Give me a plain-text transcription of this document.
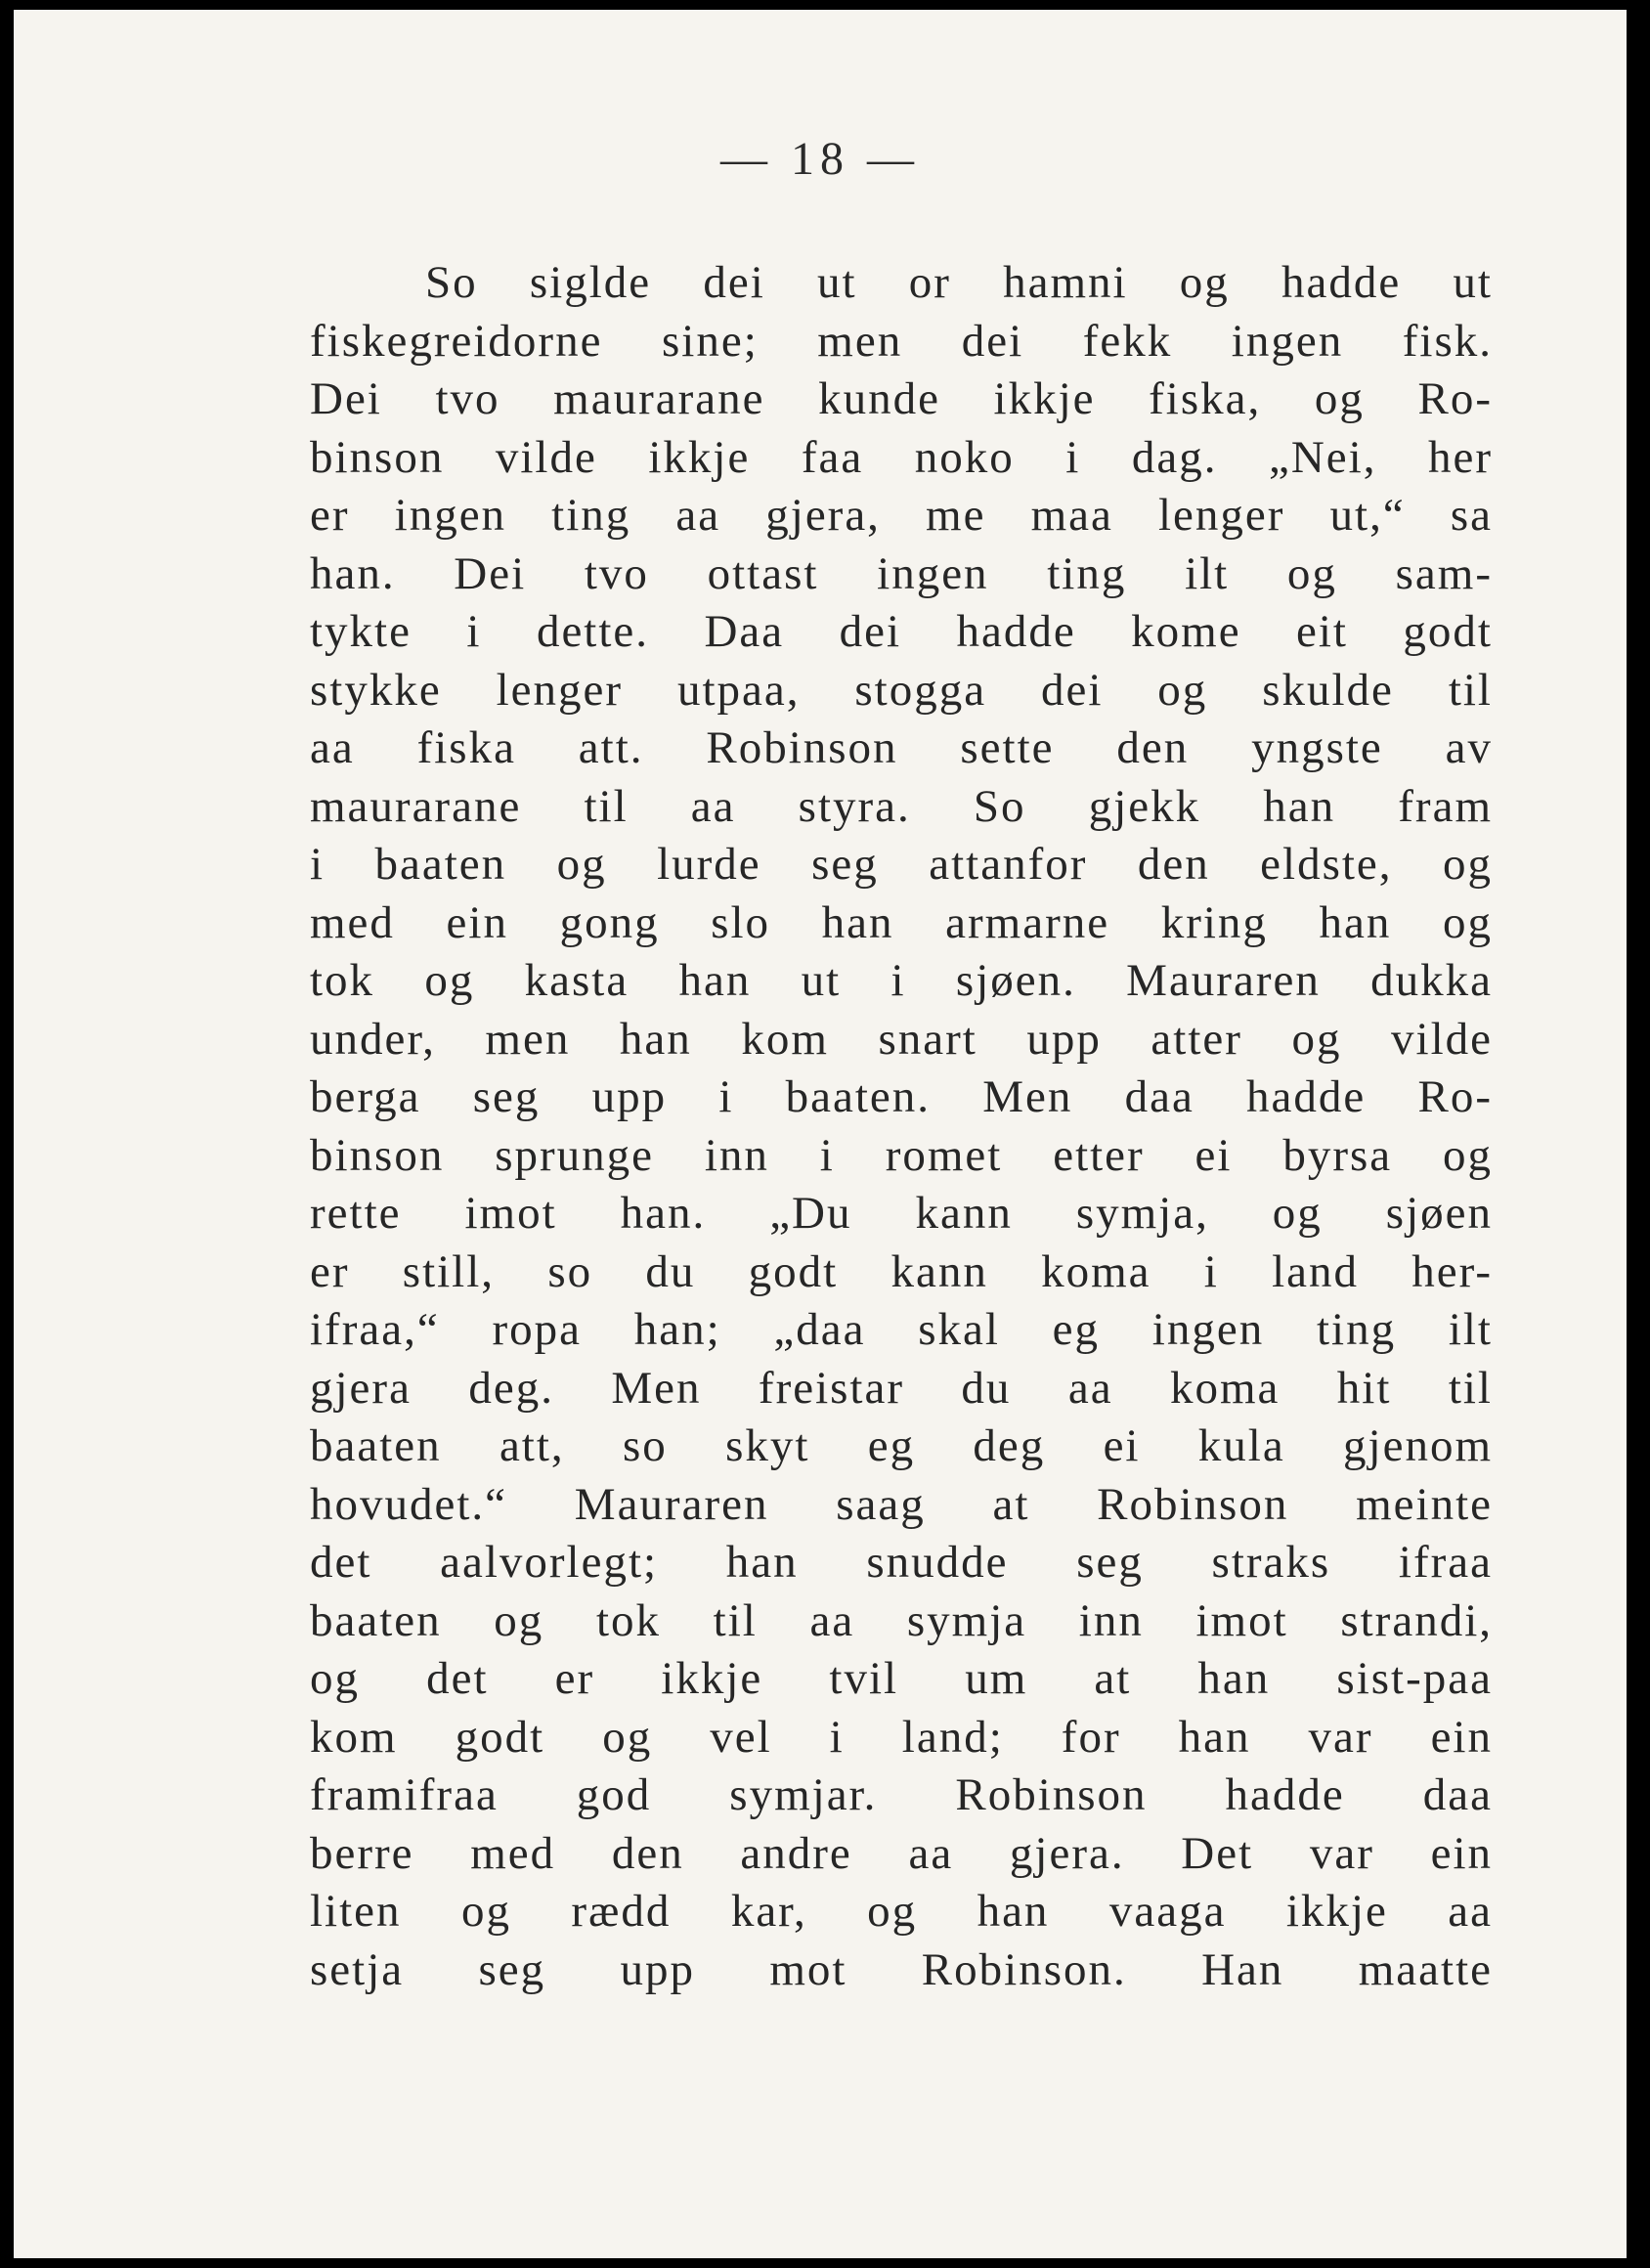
— 18 —
So siglde dei ut or hamni og hadde ut
fiskegreidorne sine; men dei fekk ingen fisk.
Dei tvo maurarane kunde ikkje fiska, og Ro-
binson vilde ikkje faa noko i dag. „Nei, her
er ingen ting aa gjera, me maa lenger ut,“ sa
han. Dei tvo ottast ingen ting ilt og sam-
tykte i dette. Daa dei hadde kome eit godt
stykke lenger utpaa, stogga dei og skulde til
aa fiska att. Robinson sette den yngste av
maurarane til aa styra. So gjekk han fram
i baaten og lurde seg attanfor den eldste, og
med ein gong slo han armarne kring han og
tok og kasta han ut i sjøen. Mauraren dukka
under, men han kom snart upp atter og vilde
berga seg upp i baaten. Men daa hadde Ro-
binson sprunge inn i romet etter ei byrsa og
rette imot han. „Du kann symja, og sjøen
er still, so du godt kann koma i land her-
ifraa,“ ropa han; „daa skal eg ingen ting ilt
gjera deg. Men freistar du aa koma hit til
baaten att, so skyt eg deg ei kula gjenom
hovudet.“ Mauraren saag at Robinson meinte
det aalvorlegt; han snudde seg straks ifraa
baaten og tok til aa symja inn imot strandi,
og det er ikkje tvil um at han sist-paa
kom godt og vel i land; for han var ein
framifraa god symjar. Robinson hadde daa
berre med den andre aa gjera. Det var ein
liten og rædd kar, og han vaaga ikkje aa
setja seg upp mot Robinson. Han maatte
